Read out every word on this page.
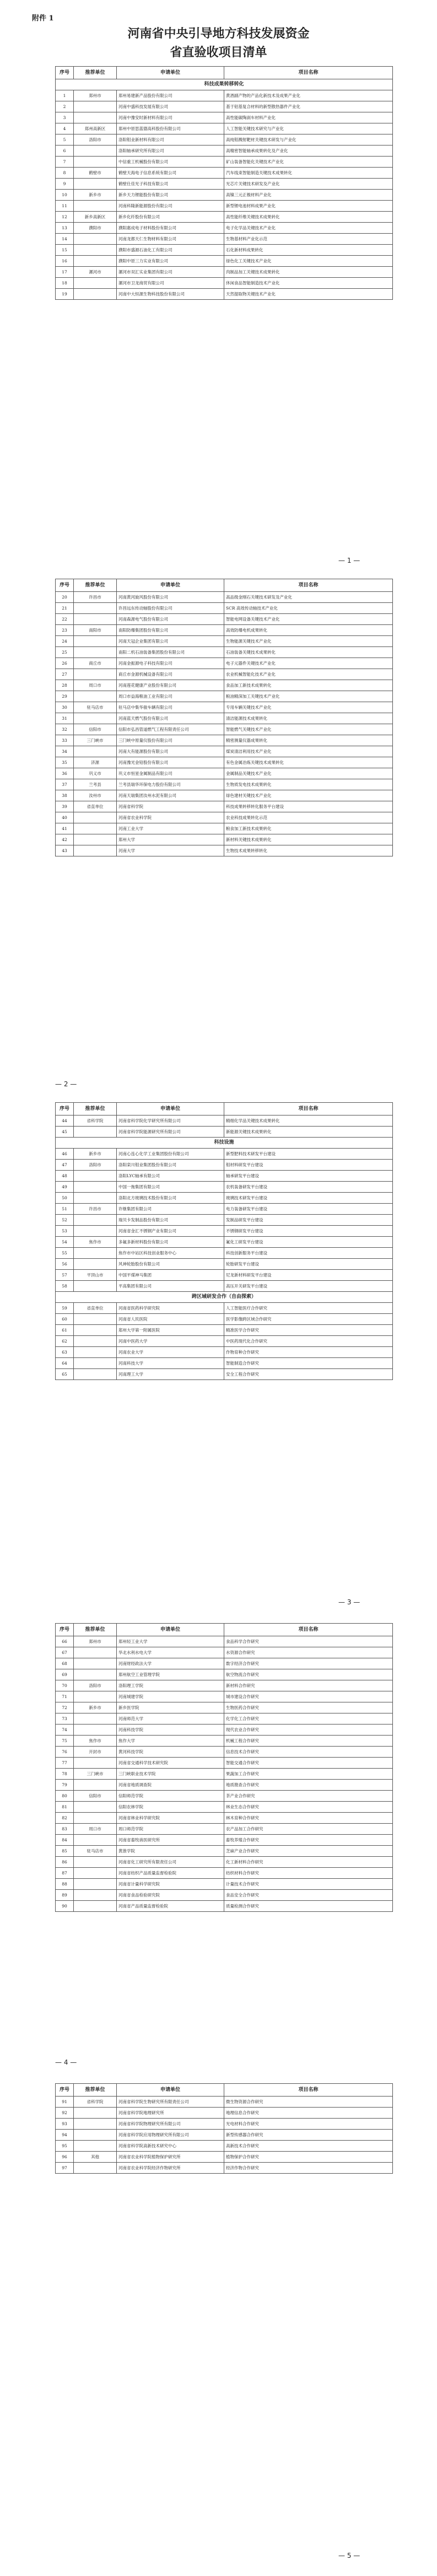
附件 1
河南省中央引导地方科技发展资金
省直验收项目清单
序号	推荐单位	申请单位	项目名称
科技成果转移转化			
1	郑州市	郑州易建新产品股份有限公司	黄酒副产物的产品化新技术及成果产业化
2		河南中盛科技发展有限公司	基于铝基复合材料的新型散热器件产业化
3		河南中豫安时新材料有限公司	高性能碳陶刹车材料产业化
4	郑州高新区	郑州中原思蓝德高科股份有限公司	人工智能关键技术研究与产业化
5	洛阳市	洛阳钼业新材料有限公司	高纯钼溅射靶材关键技术研发与产业化
6		洛阳轴承研究所有限公司	高精密智能轴承成果转化及产业化
7		中信重工机械股份有限公司	矿山装备智能化关键技术产业化
8	鹤壁市	鹤壁天海电子信息系统有限公司	汽车线束智能制造关键技术成果转化
9		鹤壁仕佳光子科技有限公司	光芯片关键技术研发及产业化
10	新乡市	新乡天力锂能股份有限公司	高镍三元正极材料产业化
11		河南科隆新能源股份有限公司	新型锂电池材料成果产业化
12	新乡高新区	新乡化纤股份有限公司	高性能纤维关键技术成果转化
13	濮阳市	濮阳惠成电子材料股份有限公司	电子化学品关键技术产业化
14		河南龙都天仁生物材料有限公司	生物基材料产业化示范
15		濮阳市盛源石油化工有限公司	石化新材料成果转化
16		濮阳中原三力实业有限公司	绿色化工关键技术产业化
17	漯河市	漯河市双汇实业集团有限公司	肉制品加工关键技术成果转化
18		漯河市卫龙商贸有限公司	休闲食品智能制造技术产业化
19		河南中大恒源生物科技股份有限公司	天然提取物关键技术产业化
— 1 —
序号	推荐单位	申请单位	项目名称
20	许昌市	河南黄河旋风股份有限公司	高品级金刚石关键技术研发及产业化
21		许昌远东传动轴股份有限公司	SCR 高效传动轴技术产业化
22		河南森源电气股份有限公司	智能电网设备关键技术产业化
23	南阳市	南阳防爆集团股份有限公司	高效防爆电机成果转化
24		河南天冠企业集团有限公司	生物能源关键技术产业化
25		南阳二机石油装备集团股份有限公司	石油装备关键技术成果转化
26	商丘市	河南金振源电子科技有限公司	电子元器件关键技术产业化
27		商丘市金源机械设备有限公司	农业机械智能化技术产业化
28	周口市	河南莲花健康产业股份有限公司	食品加工新技术成果转化
29		周口市益海粮油工业有限公司	粮油精深加工关键技术产业化
30	驻马店市	驻马店中集华骏车辆有限公司	专用车辆关键技术产业化
31		河南蓝天燃气股份有限公司	清洁能源技术成果转化
32	信阳市	信阳市弘昌管道燃气工程有限责任公司	智能燃气关键技术产业化
33	三门峡市	三门峡中原量仪股份有限公司	精密测量仪器成果转化
34		河南大有能源股份有限公司	煤炭清洁利用技术产业化
35	济源	河南豫光金铅股份有限公司	有色金属冶炼关键技术成果转化
36	巩义市	巩义市恒星金属制品有限公司	金属制品关键技术产业化
37	兰考县	兰考县瑞华环保电力股份有限公司	生物质发电技术成果转化
38	汝州市	河南天瑞集团汝州水泥有限公司	绿色建材关键技术产业化
39	省直单位	河南省科学院	科技成果转移转化服务平台建设
40		河南省农业科学院	农业科技成果转化示范
41		河南工业大学	粮食加工新技术成果转化
42		郑州大学	新材料关键技术成果转化
43		河南大学	生物技术成果转移转化
— 2 —
序号	推荐单位	申请单位	项目名称
44	省科学院	河南省科学院化学研究所有限公司	精细化学品关键技术成果转化
45		河南省科学院能源研究所有限公司	新能源关键技术成果转化
科技设施			
46	新乡市	河南心连心化学工业集团股份有限公司	新型肥料技术研发平台建设
47	洛阳市	洛阳栾川钼业集团股份有限公司	钼材料研发平台建设
48		洛阳LYC轴承有限公司	轴承研发平台建设
49		中国一拖集团有限公司	农机装备研发平台建设
50		洛阳北方玻璃技术股份有限公司	玻璃技术研发平台建设
51	许昌市	许继集团有限公司	电力装备研发平台建设
52		瑞贝卡发制品股份有限公司	发制品研发平台建设
53		河南省金汇不锈钢产业有限公司	不锈钢研发平台建设
54	焦作市	多氟多新材料股份有限公司	氟化工研发平台建设
55		焦作市中站区科技创业服务中心	科技创新服务平台建设
56		风神轮胎股份有限公司	轮胎研发平台建设
57	平顶山市	中国平煤神马集团	尼龙新材料研发平台建设
58		平高集团有限公司	高压开关研发平台建设
跨区域研发合作（自由探索）			
59	省直单位	河南省医药科学研究院	人工智能医疗合作研究
60		河南省人民医院	医学影像跨区域合作研究
61		郑州大学第一附属医院	精准医学合作研究
62		河南中医药大学	中医药现代化合作研究
63		河南农业大学	作物育种合作研究
64		河南科技大学	智能制造合作研究
65		河南理工大学	安全工程合作研究
— 3 —
序号	推荐单位	申请单位	项目名称
66	郑州市	郑州轻工业大学	食品科学合作研究
67		华北水利水电大学	水资源合作研究
68		河南财经政法大学	数字经济合作研究
69		郑州航空工业管理学院	航空物流合作研究
70	洛阳市	洛阳理工学院	新材料合作研究
71		河南城建学院	城市建设合作研究
72	新乡市	新乡医学院	生物医药合作研究
73		河南师范大学	化学化工合作研究
74		河南科技学院	现代农业合作研究
75	焦作市	焦作大学	机械工程合作研究
76	开封市	黄河科技学院	信息技术合作研究
77		河南省交通科学技术研究院	智能交通合作研究
78	三门峡市	三门峡职业技术学院	果蔬加工合作研究
79		河南省地质调查院	地质勘查合作研究
80	信阳市	信阳师范学院	茶产业合作研究
81		信阳农林学院	林业生态合作研究
82		河南省林业科学研究院	林木育种合作研究
83	周口市	周口师范学院	农产品加工合作研究
84		河南省畜牧兽医研究所	畜牧养殖合作研究
85	驻马店市	黄淮学院	芝麻产业合作研究
86		河南省化工研究所有限责任公司	化工新材料合作研究
87		河南省纺织产品质量监督检验院	纺织材料合作研究
88		河南省计量科学研究院	计量技术合作研究
89		河南省食品检验研究院	食品安全合作研究
90		河南省产品质量监督检验院	质量检测合作研究
— 4 —
序号	推荐单位	申请单位	项目名称
91	省科学院	河南省科学院生物研究所有限责任公司	微生物资源合作研究
92		河南省科学院地理研究所	地理信息合作研究
93		河南省科学院物理研究所有限公司	光电材料合作研究
94		河南省科学院应用物理研究所有限公司	新型传感器合作研究
95		河南省科学院高新技术研究中心	高新技术合作研究
96	其他	河南省农业科学院植物保护研究所	植物保护合作研究
97		河南省农业科学院经济作物研究所	经济作物合作研究
— 5 —
